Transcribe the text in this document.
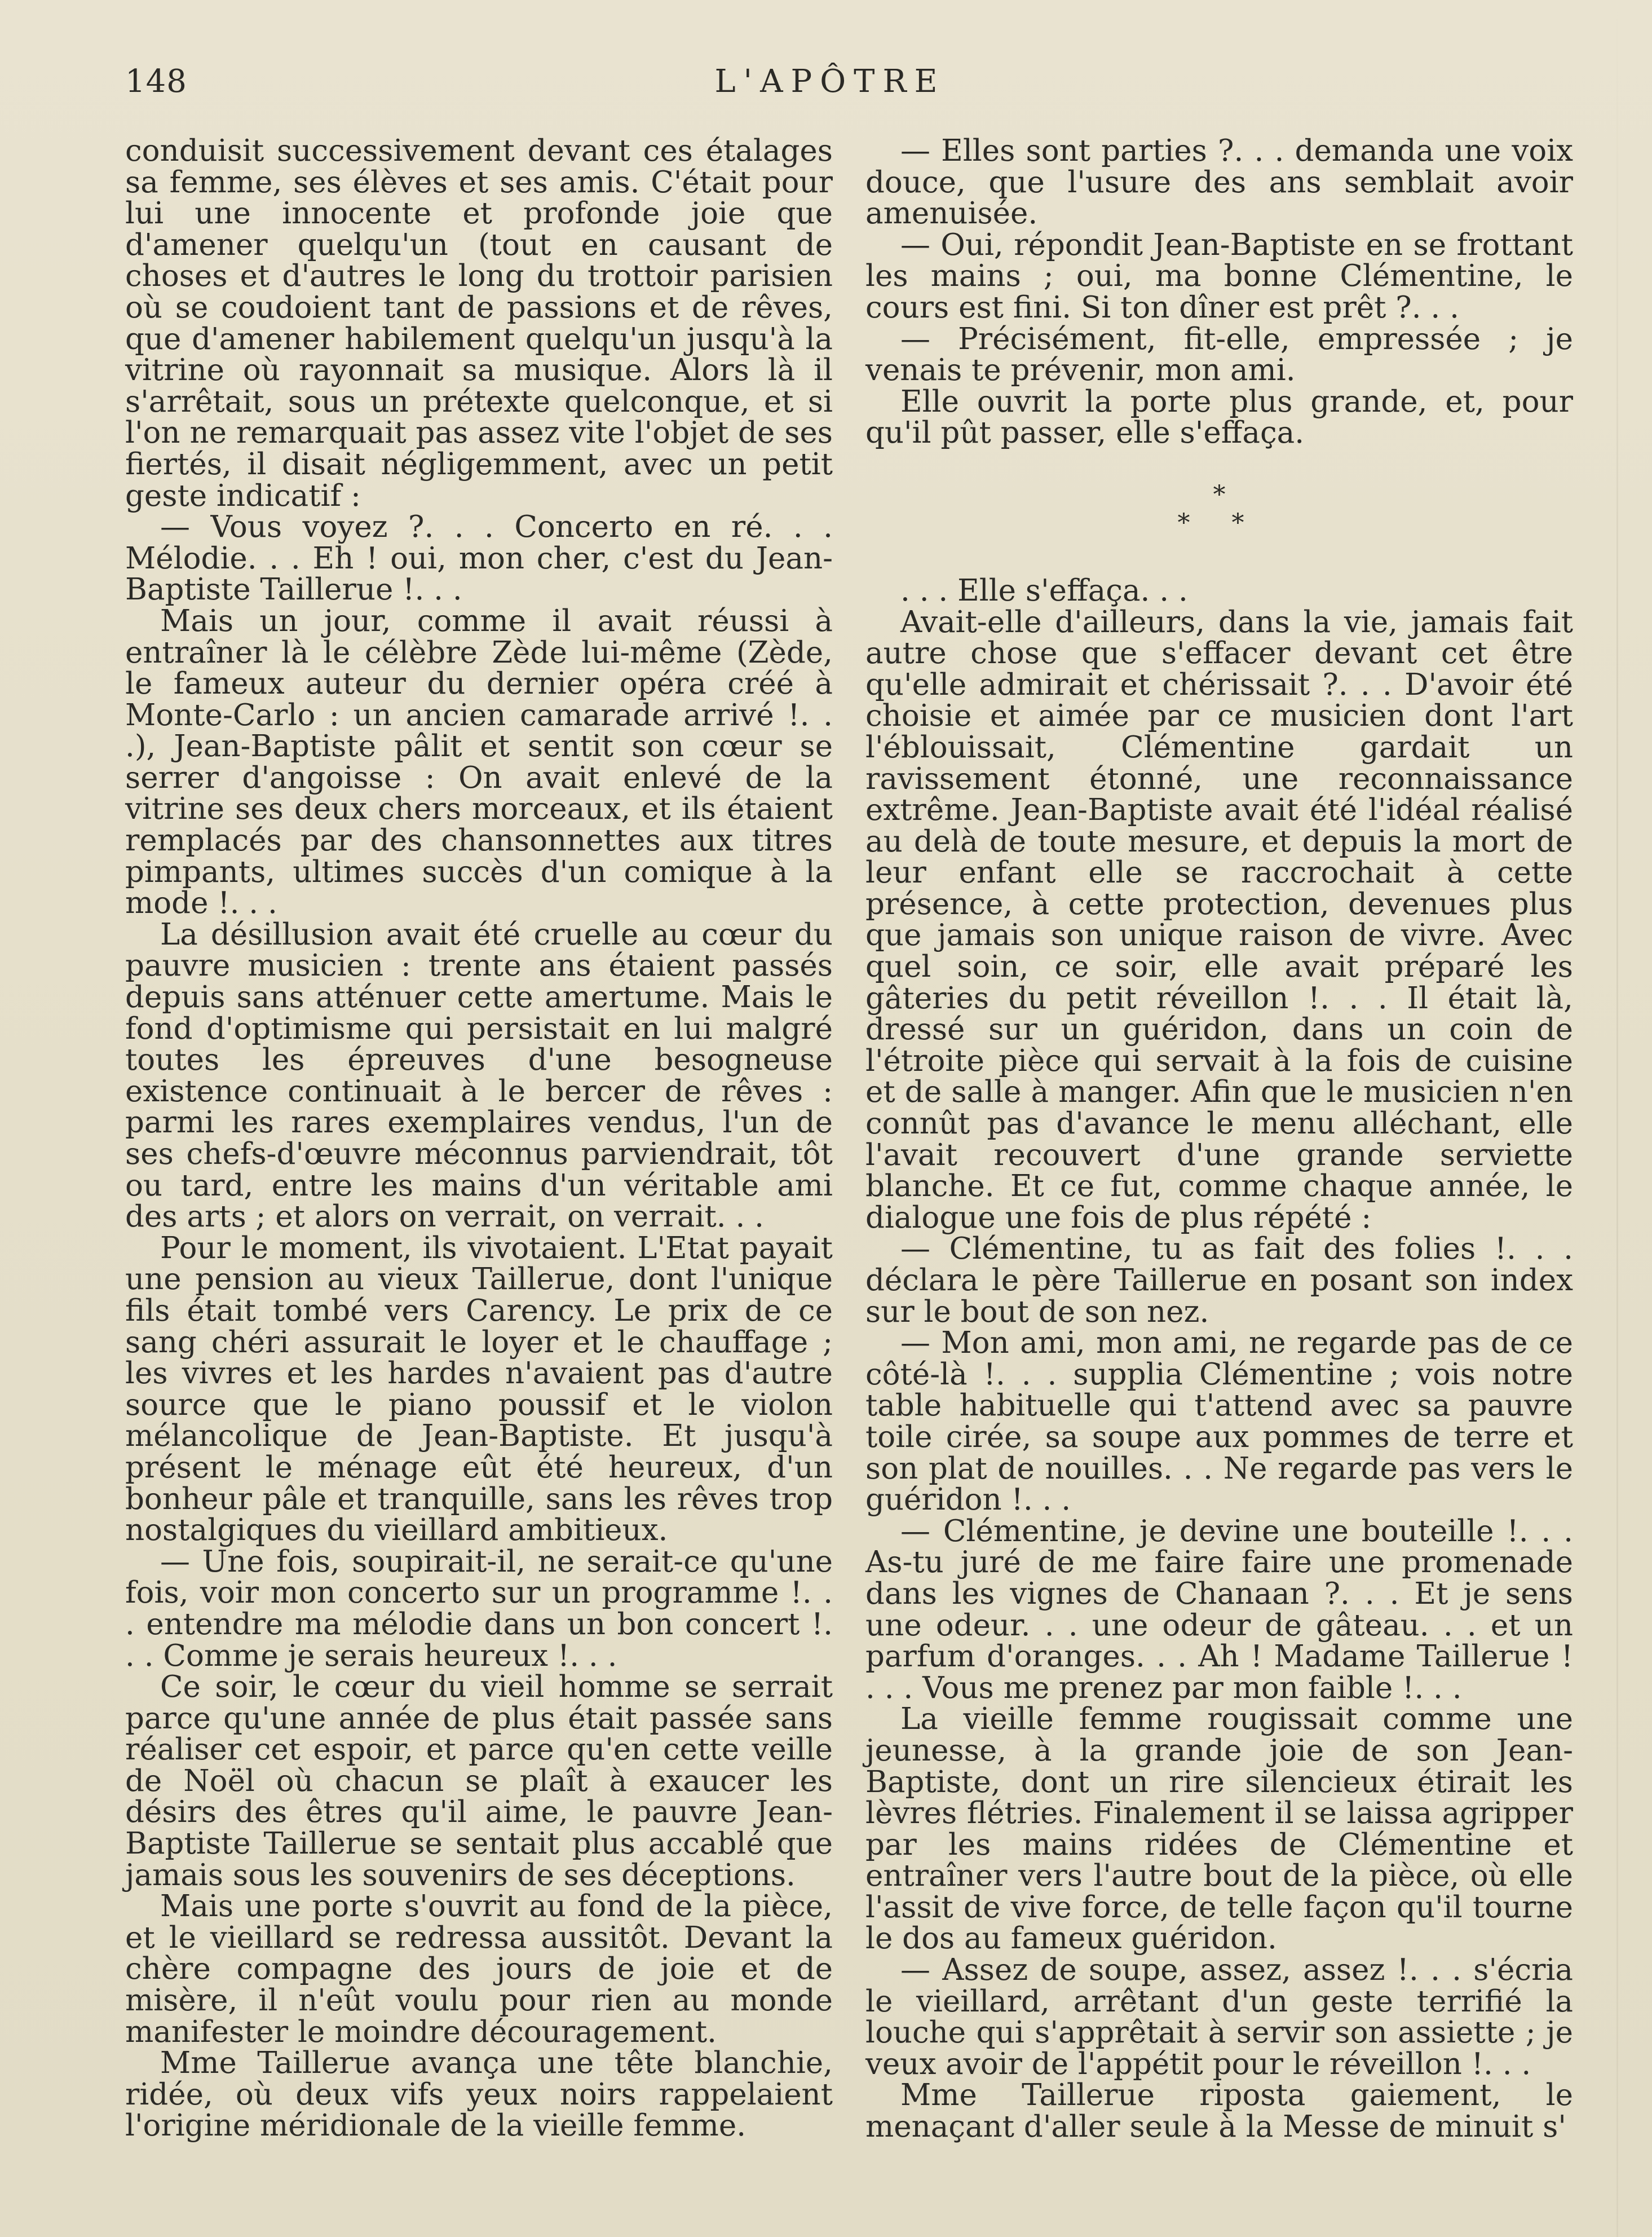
148	L'APÔTRE

conduisit successivement devant ces étalages sa femme, ses élèves et ses amis. C'était pour lui une innocente et profonde joie que d'amener quelqu'un (tout en causant de choses et d'autres le long du trottoir parisien où se coudoient tant de passions et de rêves, que d'amener habilement quelqu'un jusqu'à la vitrine où rayonnait sa musique. Alors là il s'arrêtait, sous un prétexte quelconque, et si l'on ne remarquait pas assez vite l'objet de ses fiertés, il disait négligemment, avec un petit geste indicatif :

— Vous voyez ?. . . Concerto en ré. . . Mélodie. . . Eh ! oui, mon cher, c'est du Jean-Baptiste Taillerue !. . .

Mais un jour, comme il avait réussi à entraîner là le célèbre Zède lui-même (Zède, le fameux auteur du dernier opéra créé à Monte-Carlo : un ancien camarade arrivé !. . .), Jean-Baptiste pâlit et sentit son cœur se serrer d'angoisse : On avait enlevé de la vitrine ses deux chers morceaux, et ils étaient remplacés par des chansonnettes aux titres pimpants, ultimes succès d'un comique à la mode !. . .

La désillusion avait été cruelle au cœur du pauvre musicien : trente ans étaient passés depuis sans atténuer cette amertume. Mais le fond d'optimisme qui persistait en lui malgré toutes les épreuves d'une besogneuse existence continuait à le bercer de rêves : parmi les rares exemplaires vendus, l'un de ses chefs-d'œuvre méconnus parviendrait, tôt ou tard, entre les mains d'un véritable ami des arts ; et alors on verrait, on verrait. . .

Pour le moment, ils vivotaient. L'Etat payait une pension au vieux Taillerue, dont l'unique fils était tombé vers Carency. Le prix de ce sang chéri assurait le loyer et le chauffage ; les vivres et les hardes n'avaient pas d'autre source que le piano poussif et le violon mélancolique de Jean-Baptiste. Et jusqu'à présent le ménage eût été heureux, d'un bonheur pâle et tranquille, sans les rêves trop nostalgiques du vieillard ambitieux.

— Une fois, soupirait-il, ne serait-ce qu'une fois, voir mon concerto sur un programme !. . . entendre ma mélodie dans un bon concert !. . . Comme je serais heureux !. . .

Ce soir, le cœur du vieil homme se serrait parce qu'une année de plus était passée sans réaliser cet espoir, et parce qu'en cette veille de Noël où chacun se plaît à exaucer les désirs des êtres qu'il aime, le pauvre Jean-Baptiste Taillerue se sentait plus accablé que jamais sous les souvenirs de ses déceptions.

Mais une porte s'ouvrit au fond de la pièce, et le vieillard se redressa aussitôt. Devant la chère compagne des jours de joie et de misère, il n'eût voulu pour rien au monde manifester le moindre découragement.

Mme Taillerue avança une tête blanchie, ridée, où deux vifs yeux noirs rappelaient l'origine méridionale de la vieille femme.

— Elles sont parties ?. . . demanda une voix douce, que l'usure des ans semblait avoir amenuisée.

— Oui, répondit Jean-Baptiste en se frottant les mains ; oui, ma bonne Clémentine, le cours est fini. Si ton dîner est prêt ?. . .

— Précisément, fit-elle, empressée ; je venais te prévenir, mon ami.

Elle ouvrit la porte plus grande, et, pour qu'il pût passer, elle s'effaça.

*
* *

. . . Elle s'effaça. . .

Avait-elle d'ailleurs, dans la vie, jamais fait autre chose que s'effacer devant cet être qu'elle admirait et chérissait ?. . . D'avoir été choisie et aimée par ce musicien dont l'art l'éblouissait, Clémentine gardait un ravissement étonné, une reconnaissance extrême. Jean-Baptiste avait été l'idéal réalisé au delà de toute mesure, et depuis la mort de leur enfant elle se raccrochait à cette présence, à cette protection, devenues plus que jamais son unique raison de vivre. Avec quel soin, ce soir, elle avait préparé les gâteries du petit réveillon !. . . Il était là, dressé sur un guéridon, dans un coin de l'étroite pièce qui servait à la fois de cuisine et de salle à manger. Afin que le musicien n'en connût pas d'avance le menu alléchant, elle l'avait recouvert d'une grande serviette blanche. Et ce fut, comme chaque année, le dialogue une fois de plus répété :

— Clémentine, tu as fait des folies !. . . déclara le père Taillerue en posant son index sur le bout de son nez.

— Mon ami, mon ami, ne regarde pas de ce côté-là !. . . supplia Clémentine ; vois notre table habituelle qui t'attend avec sa pauvre toile cirée, sa soupe aux pommes de terre et son plat de nouilles. . . Ne regarde pas vers le guéridon !. . .

— Clémentine, je devine une bouteille !. . . As-tu juré de me faire faire une promenade dans les vignes de Chanaan ?. . . Et je sens une odeur. . . une odeur de gâteau. . . et un parfum d'oranges. . . Ah ! Madame Taillerue ! . . . Vous me prenez par mon faible !. . .

La vieille femme rougissait comme une jeunesse, à la grande joie de son Jean-Baptiste, dont un rire silencieux étirait les lèvres flétries. Finalement il se laissa agripper par les mains ridées de Clémentine et entraîner vers l'autre bout de la pièce, où elle l'assit de vive force, de telle façon qu'il tourne le dos au fameux guéridon.

— Assez de soupe, assez, assez !. . . s'écria le vieillard, arrêtant d'un geste terrifié la louche qui s'apprêtait à servir son assiette ; je veux avoir de l'appétit pour le réveillon !. . .

Mme Taillerue riposta gaiement, le menaçant d'aller seule à la Messe de minuit s'
